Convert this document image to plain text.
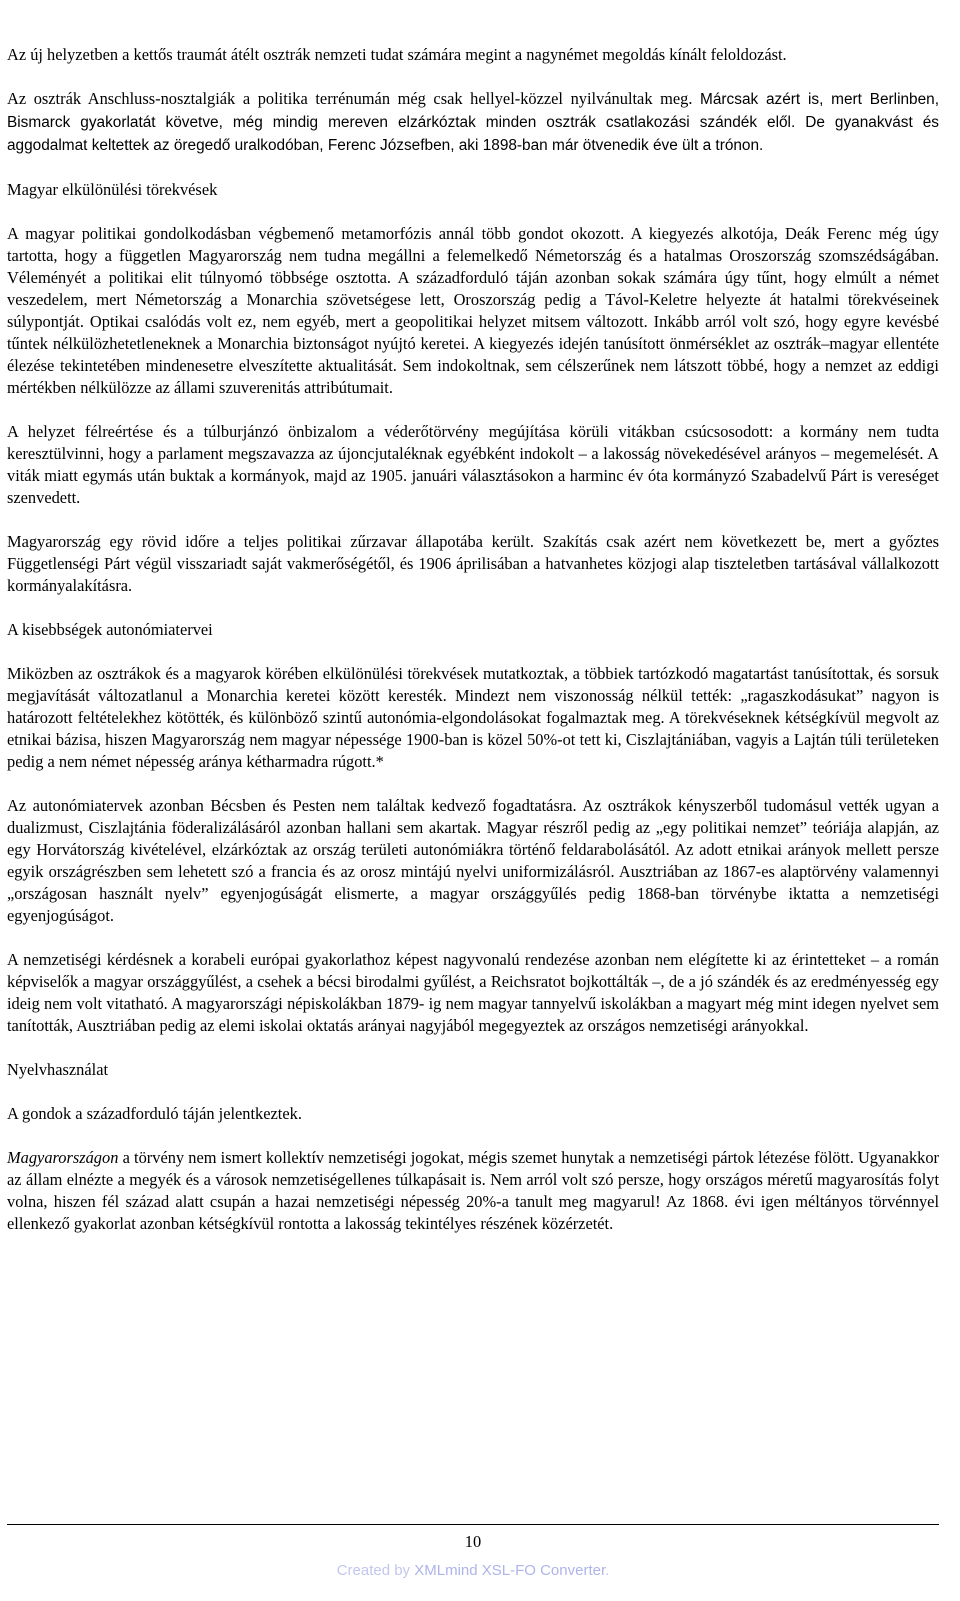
Az új helyzetben a kettős traumát átélt osztrák nemzeti tudat számára megint a nagynémet megoldás kínált feloldozást.

Az osztrák Anschluss-nosztalgiák a politika terrénumán még csak hellyel-közzel nyilvánultak meg. Márcsak azért is, mert Berlinben, Bismarck gyakorlatát követve, még mindig mereven elzárkóztak minden osztrák csatlakozási szándék elől. De gyanakvást és aggodalmat keltettek az öregedő uralkodóban, Ferenc Józsefben, aki 1898-ban már ötvenedik éve ült a trónon.

Magyar elkülönülési törekvések

A magyar politikai gondolkodásban végbemenő metamorfózis annál több gondot okozott. A kiegyezés alkotója, Deák Ferenc még úgy tartotta, hogy a független Magyarország nem tudna megállni a felemelkedő Németország és a hatalmas Oroszország szomszédságában. Véleményét a politikai elit túlnyomó többsége osztotta. A századforduló táján azonban sokak számára úgy tűnt, hogy elmúlt a német veszedelem, mert Németország a Monarchia szövetségese lett, Oroszország pedig a Távol-Keletre helyezte át hatalmi törekvéseinek súlypontját. Optikai csalódás volt ez, nem egyéb, mert a geopolitikai helyzet mitsem változott. Inkább arról volt szó, hogy egyre kevésbé tűntek nélkülözhetetleneknek a Monarchia biztonságot nyújtó keretei. A kiegyezés idején tanúsított önmérséklet az osztrák–magyar ellentéte élezése tekintetében mindenesetre elveszítette aktualitását. Sem indokoltnak, sem célszerűnek nem látszott többé, hogy a nemzet az eddigi mértékben nélkülözze az állami szuverenitás attribútumait.

A helyzet félreértése és a túlburjánzó önbizalom a véderőtörvény megújítása körüli vitákban csúcsosodott: a kormány nem tudta keresztülvinni, hogy a parlament megszavazza az újoncjutaléknak egyébként indokolt – a lakosság növekedésével arányos – megemelését. A viták miatt egymás után buktak a kormányok, majd az 1905. januári választásokon a harminc év óta kormányzó Szabadelvű Párt is vereséget szenvedett.

Magyarország egy rövid időre a teljes politikai zűrzavar állapotába került. Szakítás csak azért nem következett be, mert a győztes Függetlenségi Párt végül visszariadt saját vakmerőségétől, és 1906 áprilisában a hatvanhetes közjogi alap tiszteletben tartásával vállalkozott kormányalakításra.

A kisebbségek autonómiatervei

Miközben az osztrákok és a magyarok körében elkülönülési törekvések mutatkoztak, a többiek tartózkodó magatartást tanúsítottak, és sorsuk megjavítását változatlanul a Monarchia keretei között keresték. Mindezt nem viszonosság nélkül tették: „ragaszkodásukat” nagyon is határozott feltételekhez kötötték, és különböző szintű autonómia-elgondolásokat fogalmaztak meg. A törekvéseknek kétségkívül megvolt az etnikai bázisa, hiszen Magyarország nem magyar népessége 1900-ban is közel 50%-ot tett ki, Ciszlajtániában, vagyis a Lajtán túli területeken pedig a nem német népesség aránya kétharmadra rúgott.*

Az autonómiatervek azonban Bécsben és Pesten nem találtak kedvező fogadtatásra. Az osztrákok kényszerből tudomásul vették ugyan a dualizmust, Ciszlajtánia föderalizálásáról azonban hallani sem akartak. Magyar részről pedig az „egy politikai nemzet” teóriája alapján, az egy Horvátország kivételével, elzárkóztak az ország területi autonómiákra történő feldarabolásától. Az adott etnikai arányok mellett persze egyik országrészben sem lehetett szó a francia és az orosz mintájú nyelvi uniformizálásról. Ausztriában az 1867-es alaptörvény valamennyi „országosan használt nyelv” egyenjogúságát elismerte, a magyar országgyűlés pedig 1868-ban törvénybe iktatta a nemzetiségi egyenjogúságot.

A nemzetiségi kérdésnek a korabeli európai gyakorlathoz képest nagyvonalú rendezése azonban nem elégítette ki az érintetteket – a román képviselők a magyar országgyűlést, a csehek a bécsi birodalmi gyűlést, a Reichsratot bojkottálták –, de a jó szándék és az eredményesség egy ideig nem volt vitatható. A magyarországi népiskolákban 1879- ig nem magyar tannyelvű iskolákban a magyart még mint idegen nyelvet sem tanították, Ausztriában pedig az elemi iskolai oktatás arányai nagyjából megegyeztek az országos nemzetiségi arányokkal.

Nyelvhasználat

A gondok a századforduló táján jelentkeztek.

Magyarországon a törvény nem ismert kollektív nemzetiségi jogokat, mégis szemet hunytak a nemzetiségi pártok létezése fölött. Ugyanakkor az állam elnézte a megyék és a városok nemzetiségellenes túlkapásait is. Nem arról volt szó persze, hogy országos méretű magyarosítás folyt volna, hiszen fél század alatt csupán a hazai nemzetiségi népesség 20%-a tanult meg magyarul! Az 1868. évi igen méltányos törvénnyel ellenkező gyakorlat azonban kétségkívül rontotta a lakosság tekintélyes részének közérzetét.

10
Created by XMLmind XSL-FO Converter.
